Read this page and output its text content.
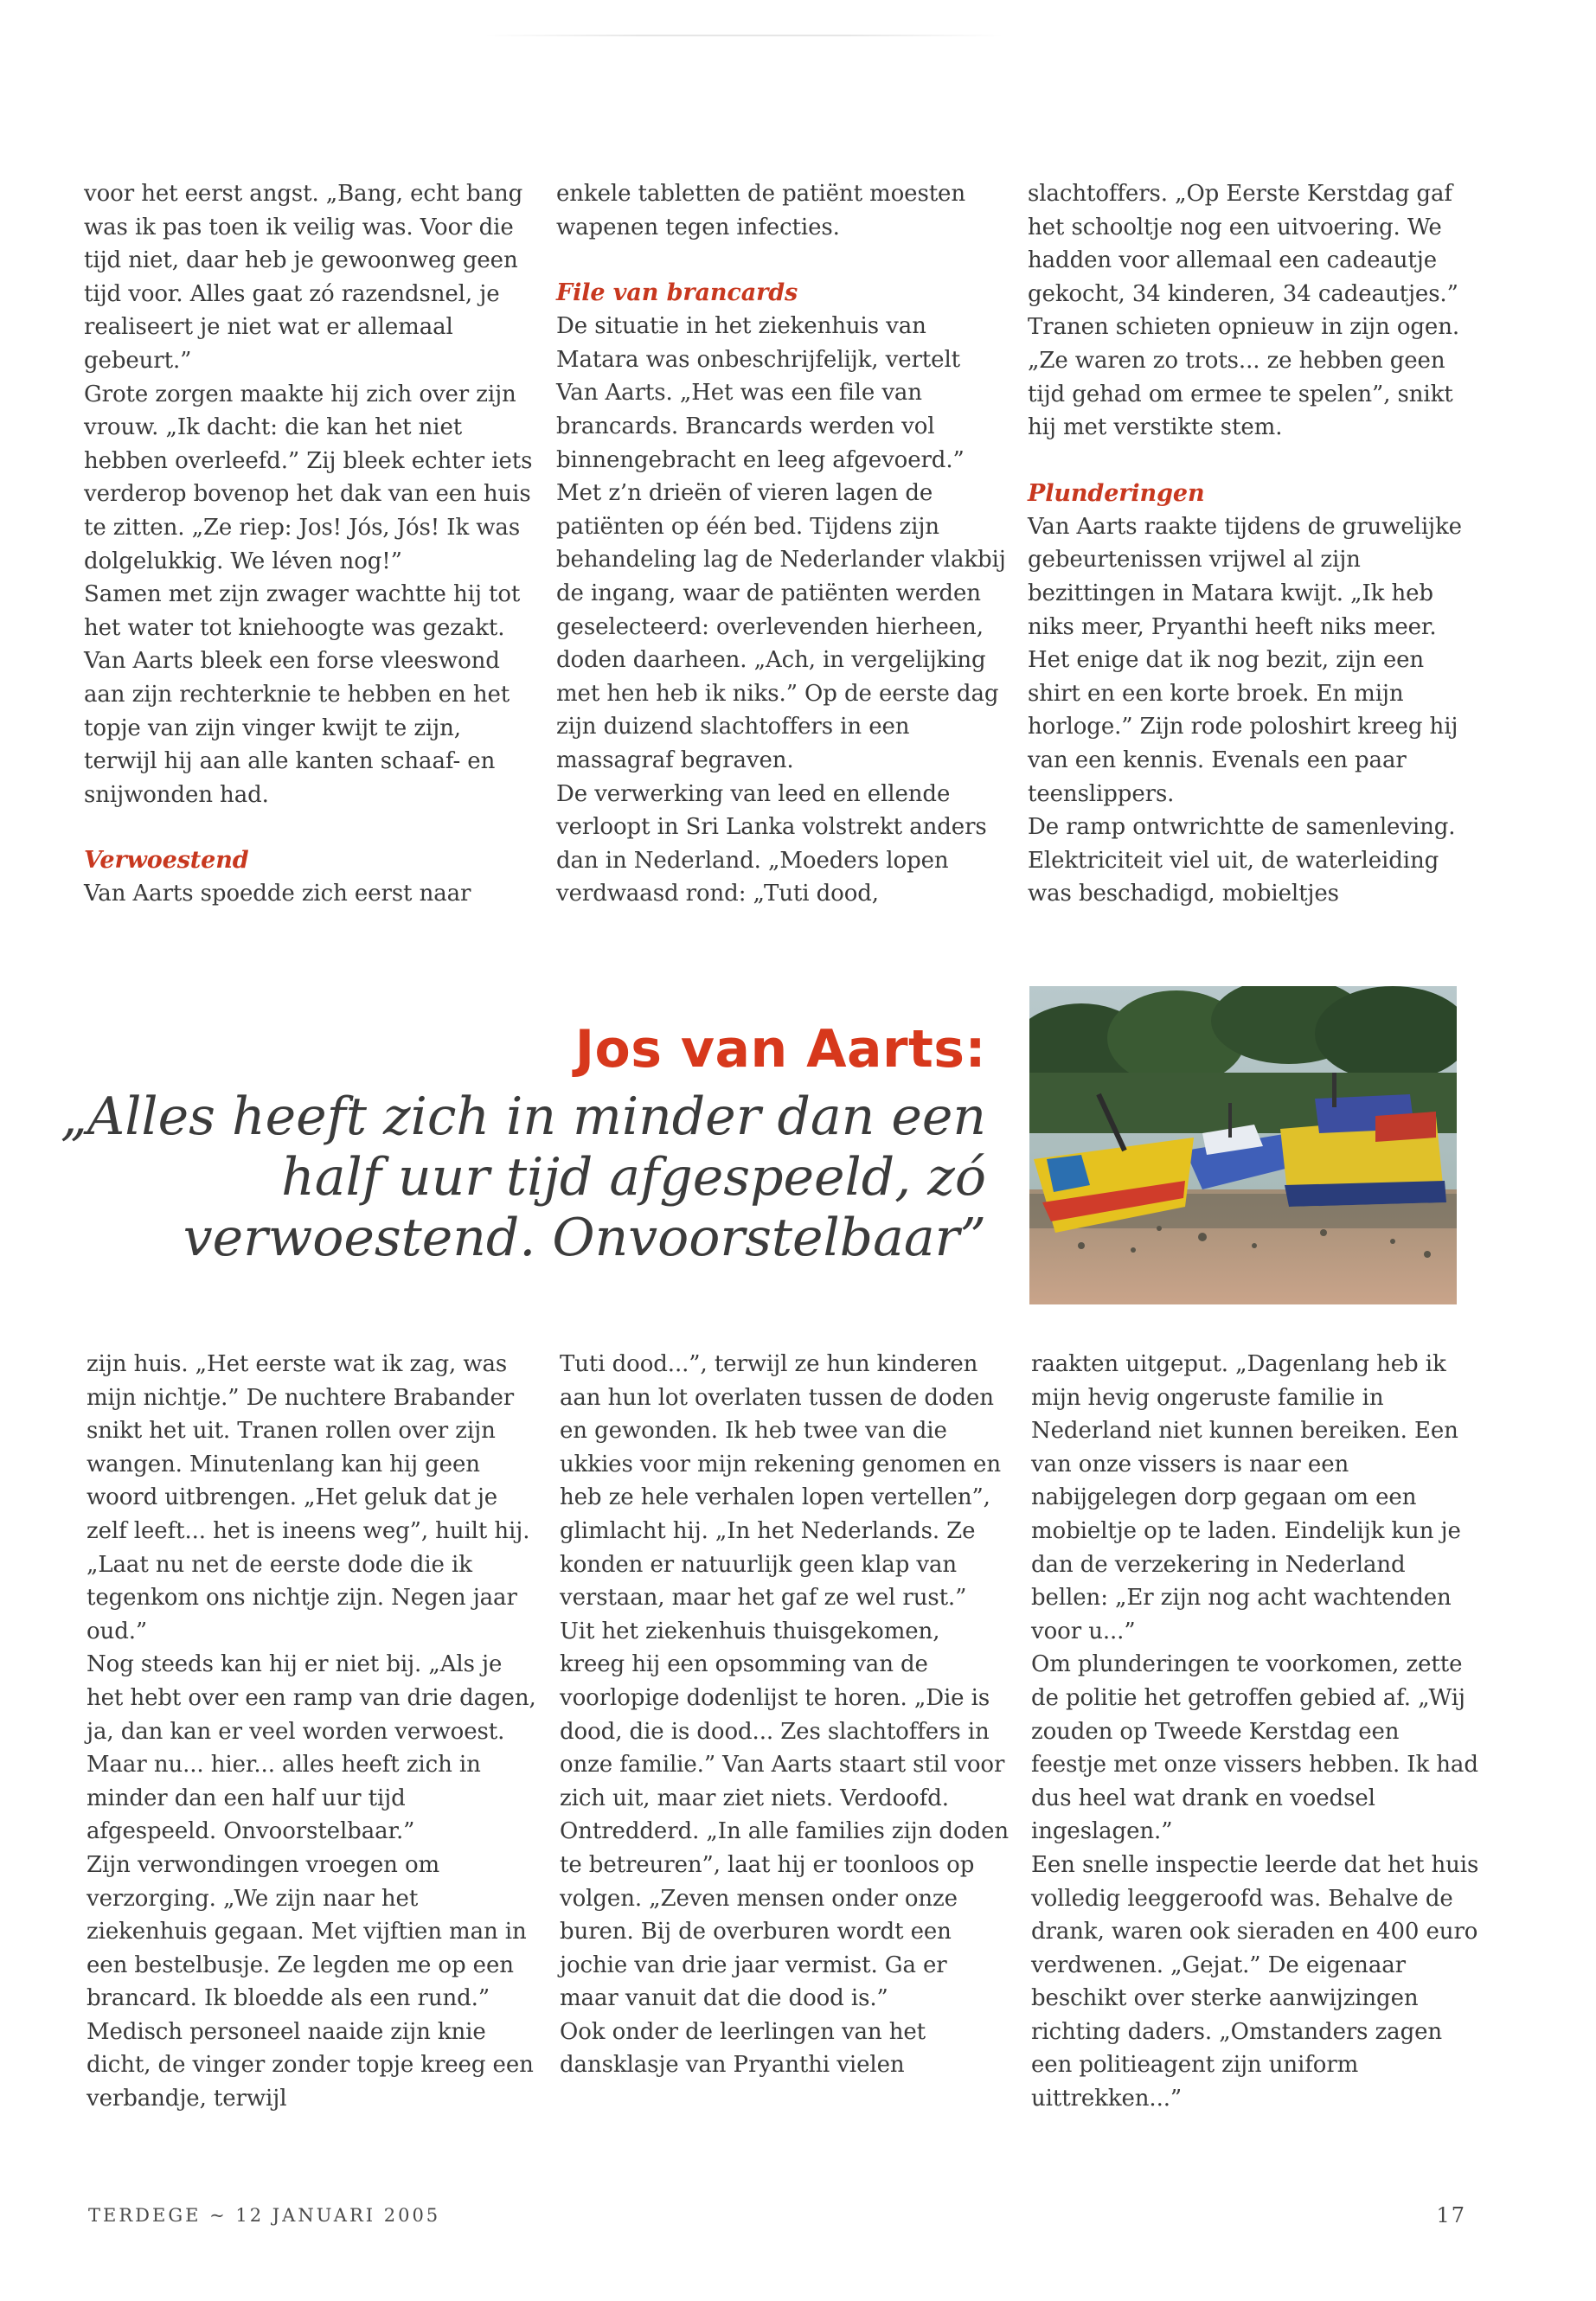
voor het eerst angst. „Bang, echt bang was ik pas toen ik veilig was. Voor die tijd niet, daar heb je gewoonweg geen tijd voor. Alles gaat zó razendsnel, je realiseert je niet wat er allemaal gebeurt.”

Grote zorgen maakte hij zich over zijn vrouw. „Ik dacht: die kan het niet hebben overleefd.” Zij bleek echter iets verderop bovenop het dak van een huis te zitten. „Ze riep: Jos! Jós, Jós! Ik was dolgelukkig. We léven nog!”

Samen met zijn zwager wachtte hij tot het water tot kniehoogte was gezakt. Van Aarts bleek een forse vleeswond aan zijn rechterknie te hebben en het topje van zijn vinger kwijt te zijn, terwijl hij aan alle kanten schaaf- en snijwonden had.

Verwoestend

Van Aarts spoedde zich eerst naar

enkele tabletten de patiënt moesten wapenen tegen infecties.

File van brancards

De situatie in het ziekenhuis van Matara was onbeschrijfelijk, vertelt Van Aarts. „Het was een file van brancards. Brancards werden vol binnengebracht en leeg afgevoerd.” Met z’n drieën of vieren lagen de patiënten op één bed. Tijdens zijn behandeling lag de Nederlander vlakbij de ingang, waar de patiënten werden geselecteerd: overlevenden hierheen, doden daarheen. „Ach, in vergelijking met hen heb ik niks.” Op de eerste dag zijn duizend slachtoffers in een massagraf begraven.

De verwerking van leed en ellende verloopt in Sri Lanka volstrekt anders dan in Nederland. „Moeders lopen verdwaasd rond: „Tuti dood,

slachtoffers. „Op Eerste Kerstdag gaf het schooltje nog een uitvoering. We hadden voor allemaal een cadeautje gekocht, 34 kinderen, 34 cadeautjes.” Tranen schieten opnieuw in zijn ogen. „Ze waren zo trots... ze hebben geen tijd gehad om ermee te spelen”, snikt hij met verstikte stem.

Plunderingen

Van Aarts raakte tijdens de gruwelijke gebeurtenissen vrijwel al zijn bezittingen in Matara kwijt. „Ik heb niks meer, Pryanthi heeft niks meer. Het enige dat ik nog bezit, zijn een shirt en een korte broek. En mijn horloge.” Zijn rode poloshirt kreeg hij van een kennis. Evenals een paar teenslippers.

De ramp ontwrichtte de samenleving. Elektriciteit viel uit, de waterleiding was beschadigd, mobieltjes

Jos van Aarts:
„Alles heeft zich in minder dan een
half uur tijd afgespeeld, zó
verwoestend. Onvoorstelbaar”

zijn huis. „Het eerste wat ik zag, was mijn nichtje.” De nuchtere Brabander snikt het uit. Tranen rollen over zijn wangen. Minutenlang kan hij geen woord uitbrengen. „Het geluk dat je zelf leeft... het is ineens weg”, huilt hij. „Laat nu net de eerste dode die ik tegenkom ons nichtje zijn. Negen jaar oud.”

Nog steeds kan hij er niet bij. „Als je het hebt over een ramp van drie dagen, ja, dan kan er veel worden verwoest. Maar nu... hier... alles heeft zich in minder dan een half uur tijd afgespeeld. Onvoorstelbaar.”

Zijn verwondingen vroegen om verzorging. „We zijn naar het ziekenhuis gegaan. Met vijftien man in een bestelbusje. Ze legden me op een brancard. Ik bloedde als een rund.” Medisch personeel naaide zijn knie dicht, de vinger zonder topje kreeg een verbandje, terwijl

Tuti dood...”, terwijl ze hun kinderen aan hun lot overlaten tussen de doden en gewonden. Ik heb twee van die ukkies voor mijn rekening genomen en heb ze hele verhalen lopen vertellen”, glimlacht hij. „In het Nederlands. Ze konden er natuurlijk geen klap van verstaan, maar het gaf ze wel rust.”

Uit het ziekenhuis thuisgekomen, kreeg hij een opsomming van de voorlopige dodenlijst te horen. „Die is dood, die is dood... Zes slachtoffers in onze familie.” Van Aarts staart stil voor zich uit, maar ziet niets. Verdoofd. Ontredderd. „In alle families zijn doden te betreuren”, laat hij er toonloos op volgen. „Zeven mensen onder onze buren. Bij de overburen wordt een jochie van drie jaar vermist. Ga er maar vanuit dat die dood is.”

Ook onder de leerlingen van het dansklasje van Pryanthi vielen

raakten uitgeput. „Dagenlang heb ik mijn hevig ongeruste familie in Nederland niet kunnen bereiken. Een van onze vissers is naar een nabijgelegen dorp gegaan om een mobieltje op te laden. Eindelijk kun je dan de verzekering in Nederland bellen: „Er zijn nog acht wachtenden voor u...”

Om plunderingen te voorkomen, zette de politie het getroffen gebied af. „Wij zouden op Tweede Kerstdag een feestje met onze vissers hebben. Ik had dus heel wat drank en voedsel ingeslagen.”

Een snelle inspectie leerde dat het huis volledig leeggeroofd was. Behalve de drank, waren ook sieraden en 400 euro verdwenen. „Gejat.” De eigenaar beschikt over sterke aanwijzingen richting daders. „Omstanders zagen een politieagent zijn uniform uittrekken...”

TERDEGE ~ 12 JANUARI 2005	17
